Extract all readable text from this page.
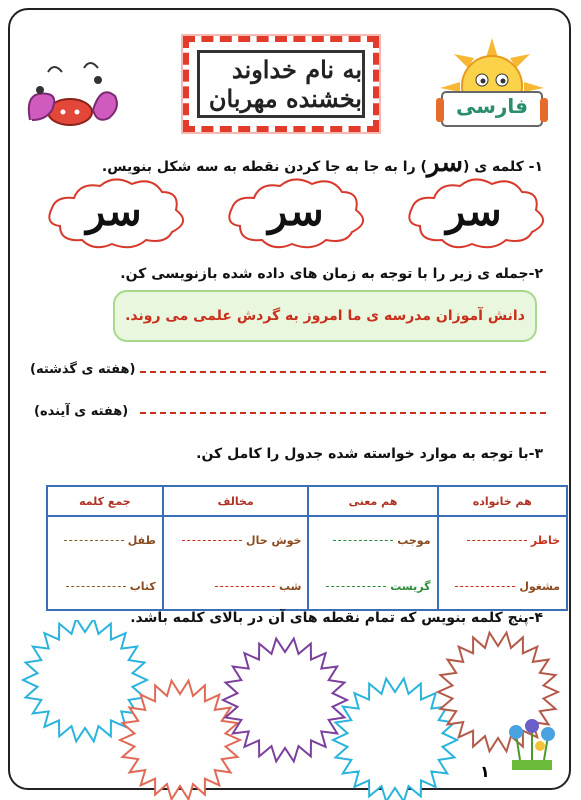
به نام خداوند بخشنده مهربان	فارسی
۱- کلمه ی (سر) را به جا به جا کردن نقطه به سه شکل بنویس.
سر	سر	سر
۲-جمله ی زیر را با توجه به زمان های داده شده بازنویسی کن.
دانش آموزان مدرسه ی ما امروز به گردش علمی می روند.
(هفته ی گذشته)
(هفته ی آینده)
۳-با توجه به موارد خواسته شده جدول را کامل کن.
هم خانواده	هم معنی	مخالف	جمع کلمه
خاطر	موجب	خوش حال	طفل
مشغول	گریست	شب	کتاب
۴-پنج کلمه بنویس که تمام نقطه های آن در بالای کلمه باشد.
۱
